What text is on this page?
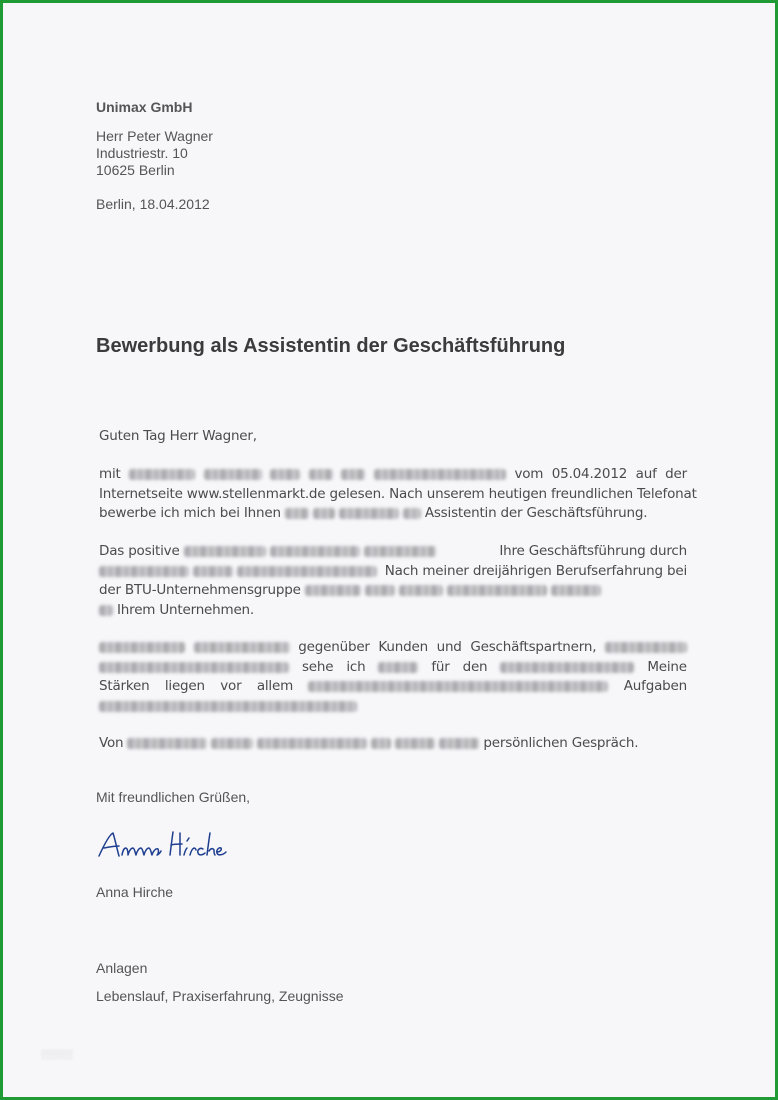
Unimax GmbH
Herr Peter Wagner
Industriestr. 10
10625 Berlin
Berlin, 18.04.2012
Bewerbung als Assistentin der Geschäftsführung
Guten Tag Herr Wagner,
mit	vom 05.04.2012 auf der
Internetseite www.stellenmarkt.de gelesen. Nach unserem heutigen freundlichen Telefonat
bewerbe ich mich bei Ihnen	Assistentin der Geschäftsführung.
Das positive	Ihre Geschäftsführung durch
Nach meiner dreijährigen Berufserfahrung bei
der BTU-Unternehmensgruppe
Ihrem Unternehmen.
gegenüber Kunden und Geschäftspartnern,
sehe ich	für den	Meine
Stärken liegen vor allem	Aufgaben
Von	persönlichen Gespräch.
Mit freundlichen Grüßen,
Anna Hirche
Anlagen
Lebenslauf, Praxiserfahrung, Zeugnisse
▒▒▒▒▒
